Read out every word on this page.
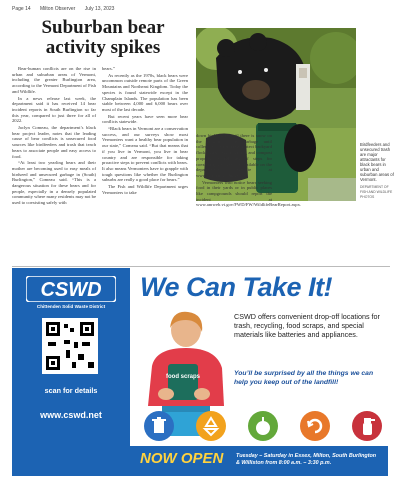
Page 14 Milton Observer July 13, 2023
Suburban bear
activity spikes

Bear-human conflicts are on the rise in urban and suburban areas of Vermont, including the greater Burlington area, according to the Vermont Department of Fish and Wildlife.

In a news release last week, the department said it has received 14 bear incident reports in South Burlington so far this year, compared to just three for all of 2022.

Jaclyn Comeau, the department’s black bear project leader, notes that the leading cause of bear conflicts is unsecured food sources like birdfeeders and trash that teach bears to associate people and easy access to food.

“At least two yearling bears and their mother are becoming used to easy meals of birdseed and unsecured garbage in (South) Burlington,” Comeau said. “This is a dangerous situation for these bears and for people, especially in a densely populated community where many residents may not be used to coexisting safely with

bears.”

As recently as the 1970s, black bears were uncommon outside remote parts of the Green Mountains and Northeast Kingdom. Today the species is found statewide except in the Champlain Islands. The population has been stable between 4,000 and 6,000 bears over most of the last decade.

But recent years have seen more bear conflicts statewide.

“Black bears in Vermont are a conservation success, and our surveys show most Vermonters want a healthy bear population in our state,” Comeau said. “But that means that if you live in Vermont, you live in bear country and are responsible for taking proactive steps to prevent conflicts with bears. It also means Vermonters have to grapple with tough questions like whether the Burlington suburbs are really a good place for bears.”

The Fish and Wildlife Department urges Vermonters to take

down birdfeeders until there is snow on the ground, secure garbage until collection day morning, protect backyard flocks with electric fencing and compost properly. A full list of steps for coexisting with bears is available on the department’s website at www.vtfishandwildlife.com.

Vermonters who notice bears seeking food in their yards or in public places like campgrounds should report the incident at www.anrweb.vt.gov/FWD/FW/WildlifeBearReport.aspx.

Birdfeeders and unsecured trash are major attractants for black bears in urban and suburban areas of Vermont.
DEPARTMENT OF FISH AND WILDLIFE PHOTOS
CSWD
Chittenden Solid Waste District
scan for details
www.cswd.net
We Can Take It!
food scraps
CSWD offers convenient drop-off locations for trash, recycling, food scraps, and special materials like batteries and appliances.
You’ll be surprised by all the things we can help you keep out of the landfill!
NOW OPEN Tuesday – Saturday in Essex, Milton, South Burlington
& Williston from 8:00 a.m. – 3:30 p.m.
